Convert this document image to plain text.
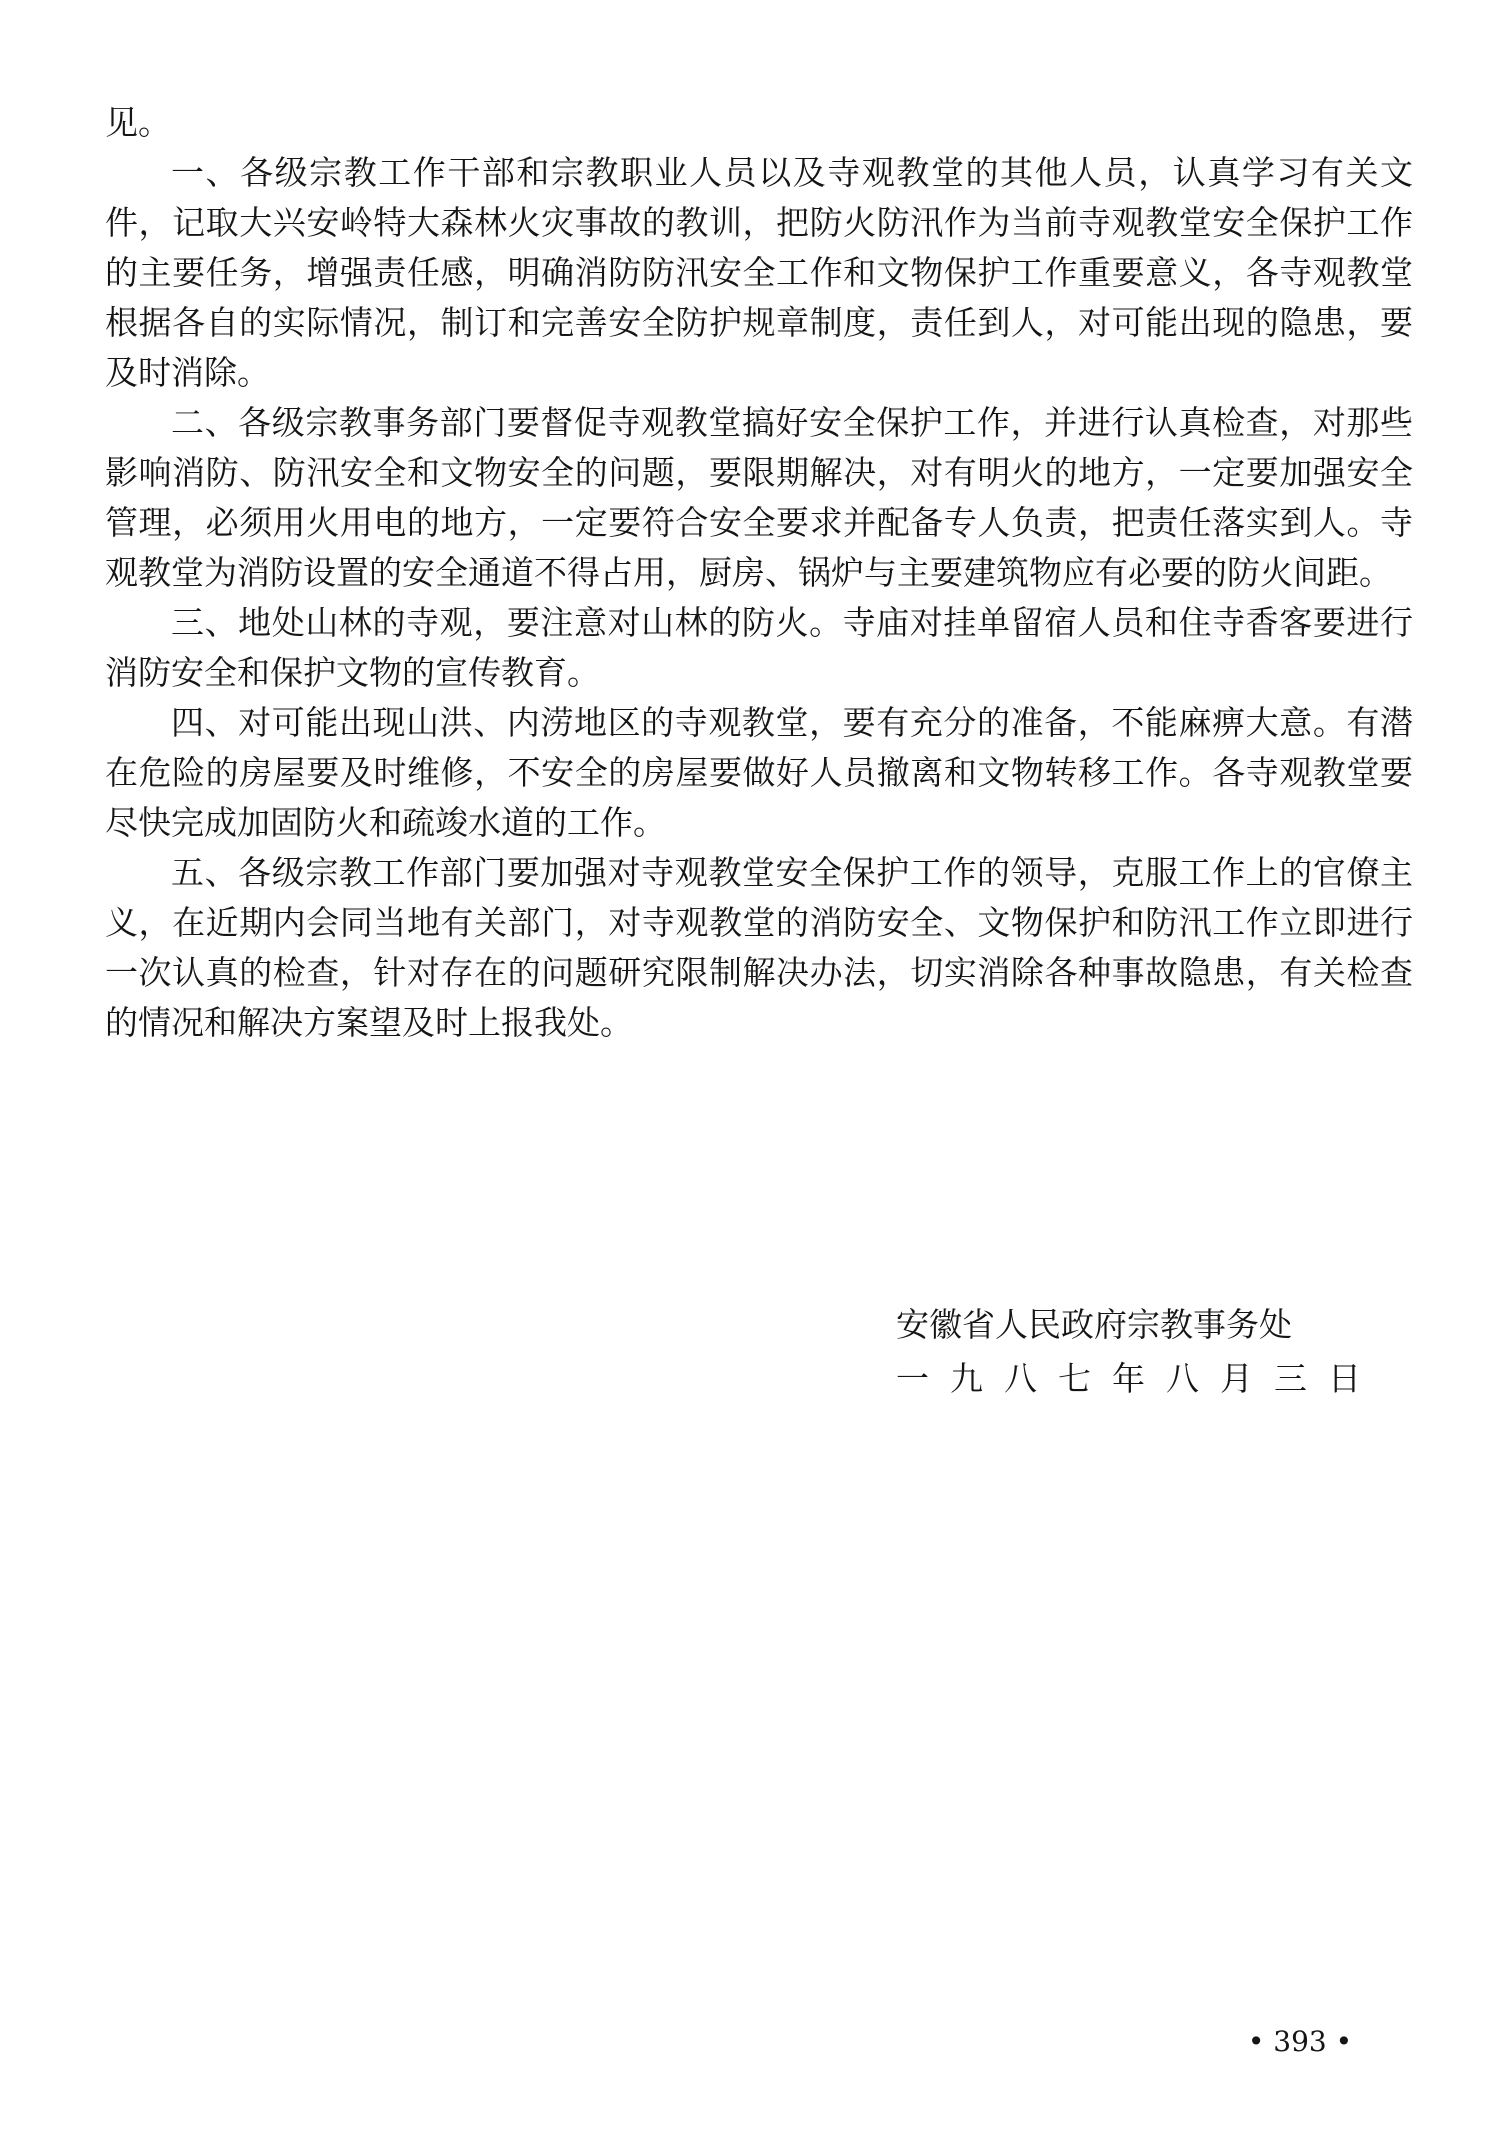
见。

一、各级宗教工作干部和宗教职业人员以及寺观教堂的其他人员，认真学习有关文件，记取大兴安岭特大森林火灾事故的教训，把防火防汛作为当前寺观教堂安全保护工作的主要任务，增强责任感，明确消防防汛安全工作和文物保护工作重要意义，各寺观教堂根据各自的实际情况，制订和完善安全防护规章制度，责任到人，对可能出现的隐患，要及时消除。

二、各级宗教事务部门要督促寺观教堂搞好安全保护工作，并进行认真检查，对那些影响消防、防汛安全和文物安全的问题，要限期解决，对有明火的地方，一定要加强安全管理，必须用火用电的地方，一定要符合安全要求并配备专人负责，把责任落实到人。寺观教堂为消防设置的安全通道不得占用，厨房、锅炉与主要建筑物应有必要的防火间距。

三、地处山林的寺观，要注意对山林的防火。寺庙对挂单留宿人员和住寺香客要进行消防安全和保护文物的宣传教育。

四、对可能出现山洪、内涝地区的寺观教堂，要有充分的准备，不能麻痹大意。有潜在危险的房屋要及时维修，不安全的房屋要做好人员撤离和文物转移工作。各寺观教堂要尽快完成加固防火和疏竣水道的工作。

五、各级宗教工作部门要加强对寺观教堂安全保护工作的领导，克服工作上的官僚主义，在近期内会同当地有关部门，对寺观教堂的消防安全、文物保护和防汛工作立即进行一次认真的检查，针对存在的问题研究限制解决办法，切实消除各种事故隐患，有关检查的情况和解决方案望及时上报我处。

安徽省人民政府宗教事务处
一九八七年八月三日
• 393 •
